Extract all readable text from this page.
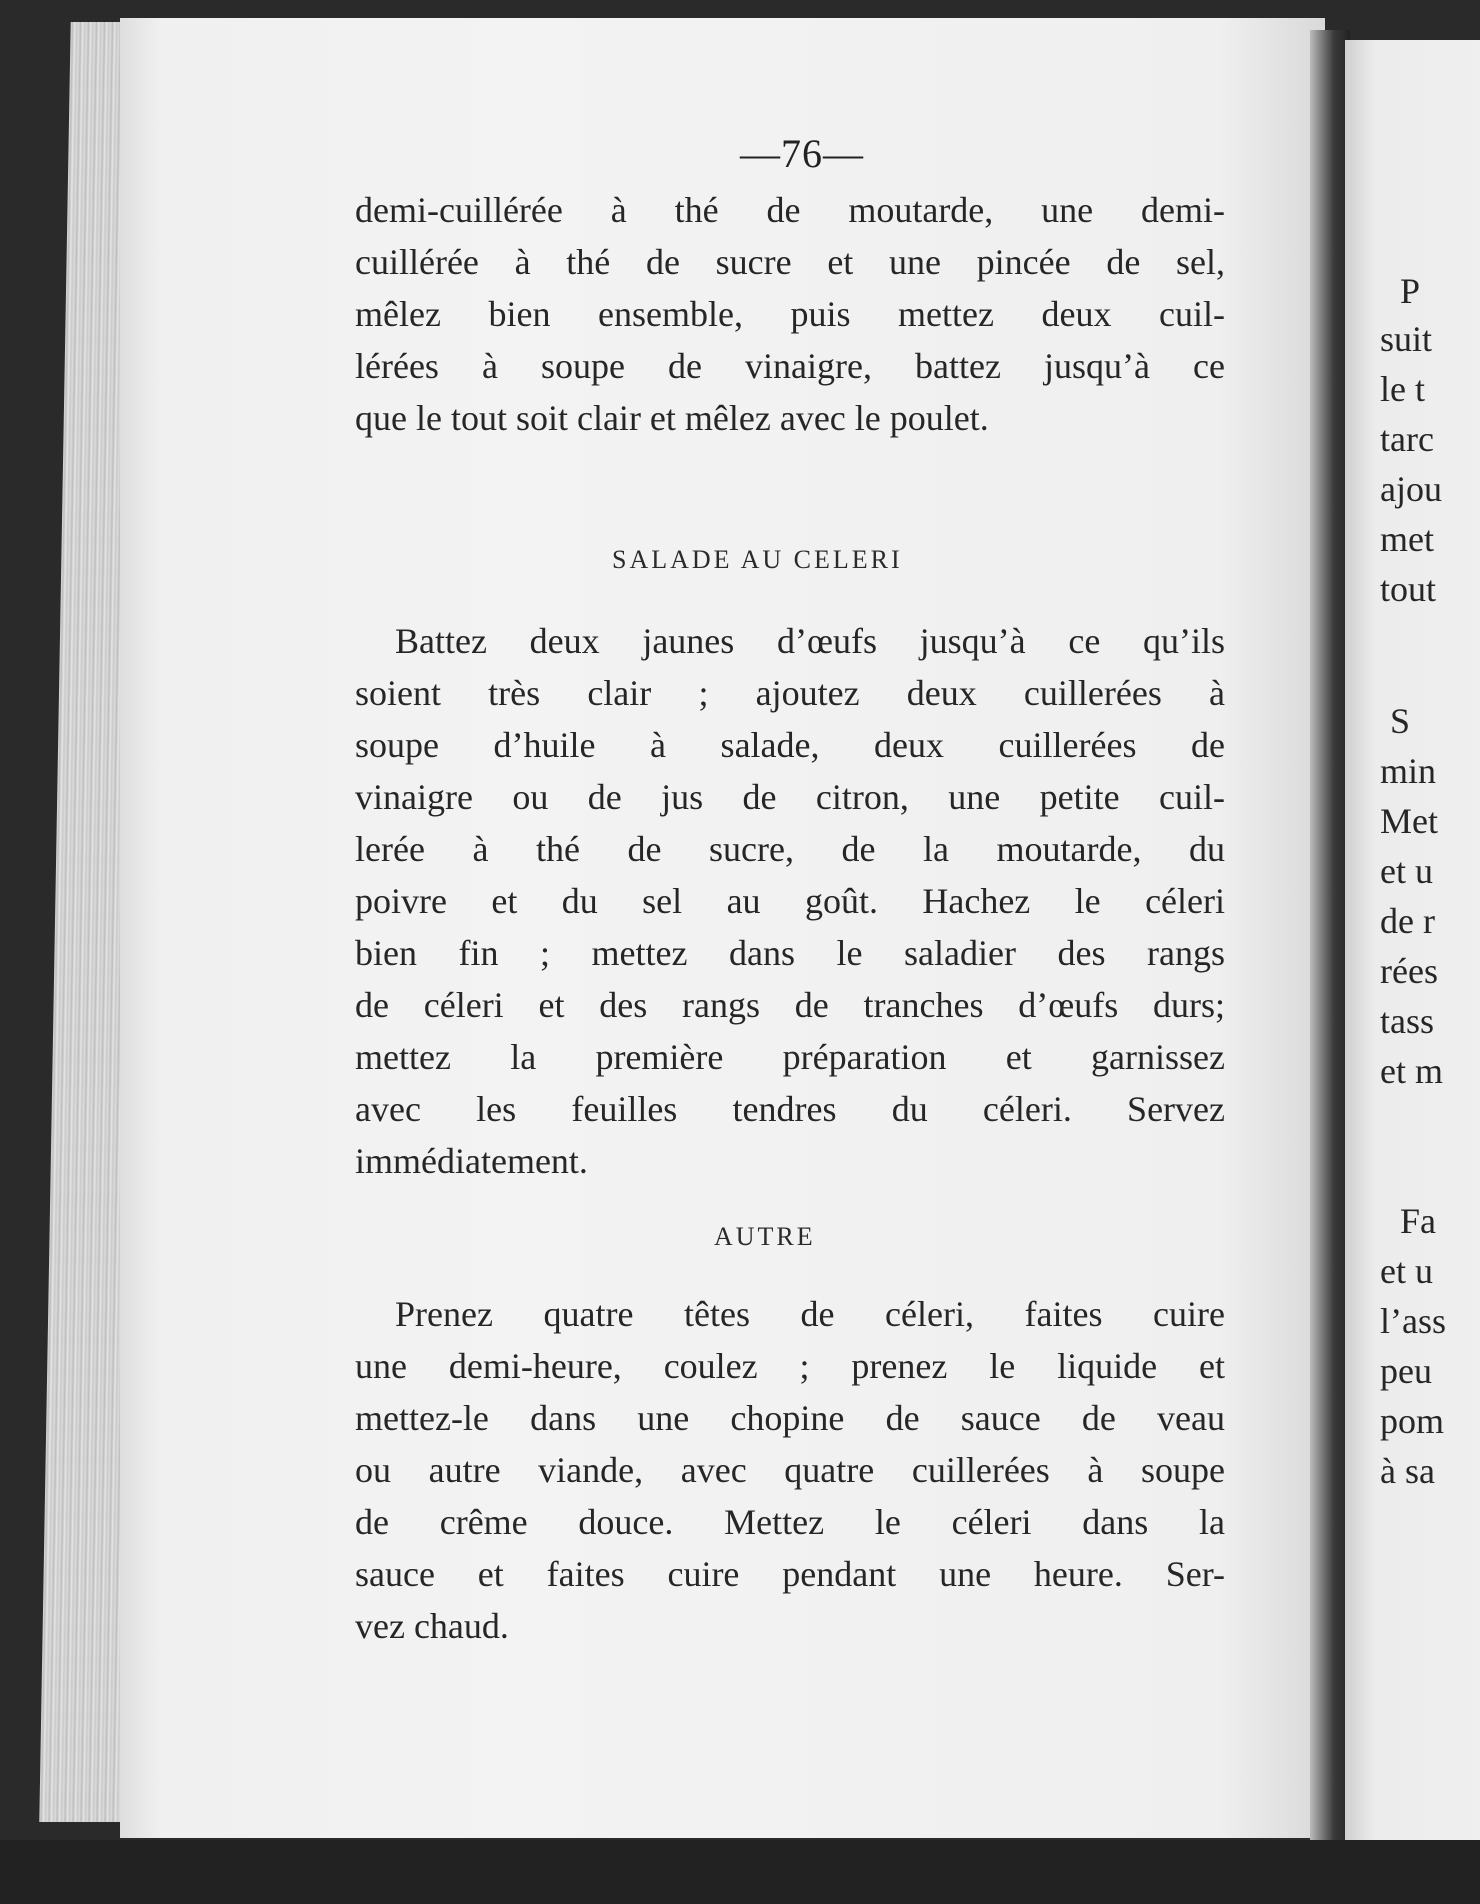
P
suit
le t
tarc
ajou
met
tout
S
min
Met
et u
de r
rées
tass
et m
Fa
et u
l’ass
peu
pom
à sa
—76—
demi-cuillérée à thé de moutarde, une demi-
cuillérée à thé de sucre et une pincée de sel,
mêlez bien ensemble, puis mettez deux cuil-
lérées à soupe de vinaigre, battez jusqu’à ce
que le tout soit clair et mêlez avec le poulet.
SALADE AU CELERI
Battez deux jaunes d’œufs jusqu’à ce qu’ils
soient très clair ; ajoutez deux cuillerées à
soupe d’huile à salade, deux cuillerées de
vinaigre ou de jus de citron, une petite cuil-
lerée à thé de sucre, de la moutarde, du
poivre et du sel au goût. Hachez le céleri
bien fin ; mettez dans le saladier des rangs
de céleri et des rangs de tranches d’œufs durs;
mettez la première préparation et garnissez
avec les feuilles tendres du céleri. Servez
immédiatement.
AUTRE
Prenez quatre têtes de céleri, faites cuire
une demi-heure, coulez ; prenez le liquide et
mettez-le dans une chopine de sauce de veau
ou autre viande, avec quatre cuillerées à soupe
de crême douce. Mettez le céleri dans la
sauce et faites cuire pendant une heure. Ser-
vez chaud.
